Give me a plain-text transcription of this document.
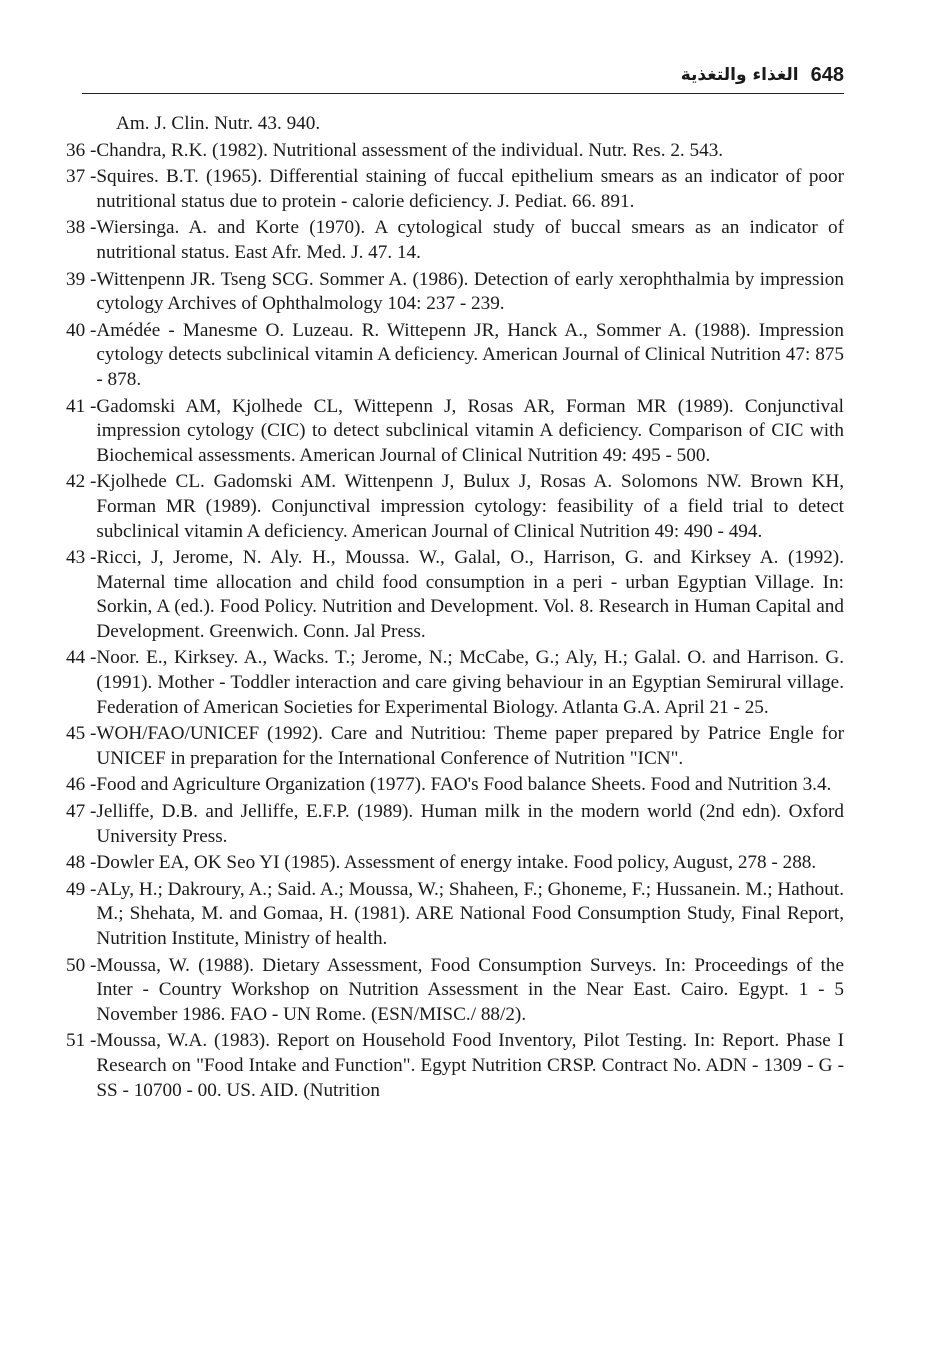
الغذاء والتغذية 648

Am. J. Clin. Nutr. 43. 940.

36 - Chandra, R.K. (1982). Nutritional assessment of the individual. Nutr. Res. 2. 543.
37 - Squires. B.T. (1965). Differential staining of fuccal epithelium smears as an indicator of poor nutritional status due to protein - calorie deficiency. J. Pediat. 66. 891.
38 - Wiersinga. A. and Korte (1970). A cytological study of buccal smears as an indicator of nutritional status. East Afr. Med. J. 47. 14.
39 - Wittenpenn JR. Tseng SCG. Sommer A. (1986). Detection of early xerophthalmia by impression cytology Archives of Ophthalmology 104: 237 - 239.
40 - Amédée - Manesme O. Luzeau. R. Wittepenn JR, Hanck A., Sommer A. (1988). Impression cytology detects subclinical vitamin A deficiency. American Journal of Clinical Nutrition 47: 875 - 878.
41 - Gadomski AM, Kjolhede CL, Wittepenn J, Rosas AR, Forman MR (1989). Conjunctival impression cytology (CIC) to detect subclinical vitamin A deficiency. Comparison of CIC with Biochemical assessments. American Journal of Clinical Nutrition 49: 495 - 500.
42 - Kjolhede CL. Gadomski AM. Wittenpenn J, Bulux J, Rosas A. Solomons NW. Brown KH, Forman MR (1989). Conjunctival impression cytology: feasibility of a field trial to detect subclinical vitamin A deficiency. American Journal of Clinical Nutrition 49: 490 - 494.
43 - Ricci, J, Jerome, N. Aly. H., Moussa. W., Galal, O., Harrison, G. and Kirksey A. (1992). Maternal time allocation and child food consumption in a peri - urban Egyptian Village. In: Sorkin, A (ed.). Food Policy. Nutrition and Development. Vol. 8. Research in Human Capital and Development. Greenwich. Conn. Jal Press.
44 - Noor. E., Kirksey. A., Wacks. T.; Jerome, N.; McCabe, G.; Aly, H.; Galal. O. and Harrison. G. (1991). Mother - Toddler interaction and care giving behaviour in an Egyptian Semirural village. Federation of American Societies for Experimental Biology. Atlanta G.A. April 21 - 25.
45 - WOH/FAO/UNICEF (1992). Care and Nutritiou: Theme paper prepared by Patrice Engle for UNICEF in preparation for the International Conference of Nutrition "ICN".
46 - Food and Agriculture Organization (1977). FAO's Food balance Sheets. Food and Nutrition 3.4.
47 - Jelliffe, D.B. and Jelliffe, E.F.P. (1989). Human milk in the modern world (2nd edn). Oxford University Press.
48 - Dowler EA, OK Seo YI (1985). Assessment of energy intake. Food policy, August, 278 - 288.
49 - ALy, H.; Dakroury, A.; Said. A.; Moussa, W.; Shaheen, F.; Ghoneme, F.; Hussanein. M.; Hathout. M.; Shehata, M. and Gomaa, H. (1981). ARE National Food Consumption Study, Final Report, Nutrition Institute, Ministry of health.
50 - Moussa, W. (1988). Dietary Assessment, Food Consumption Surveys. In: Proceedings of the Inter - Country Workshop on Nutrition Assessment in the Near East. Cairo. Egypt. 1 - 5 November 1986. FAO - UN Rome. (ESN/MISC./ 88/2).
51 - Moussa, W.A. (1983). Report on Household Food Inventory, Pilot Testing. In: Report. Phase I Research on "Food Intake and Function". Egypt Nutrition CRSP. Contract No. ADN - 1309 - G - SS - 10700 - 00. US. AID. (Nutrition
